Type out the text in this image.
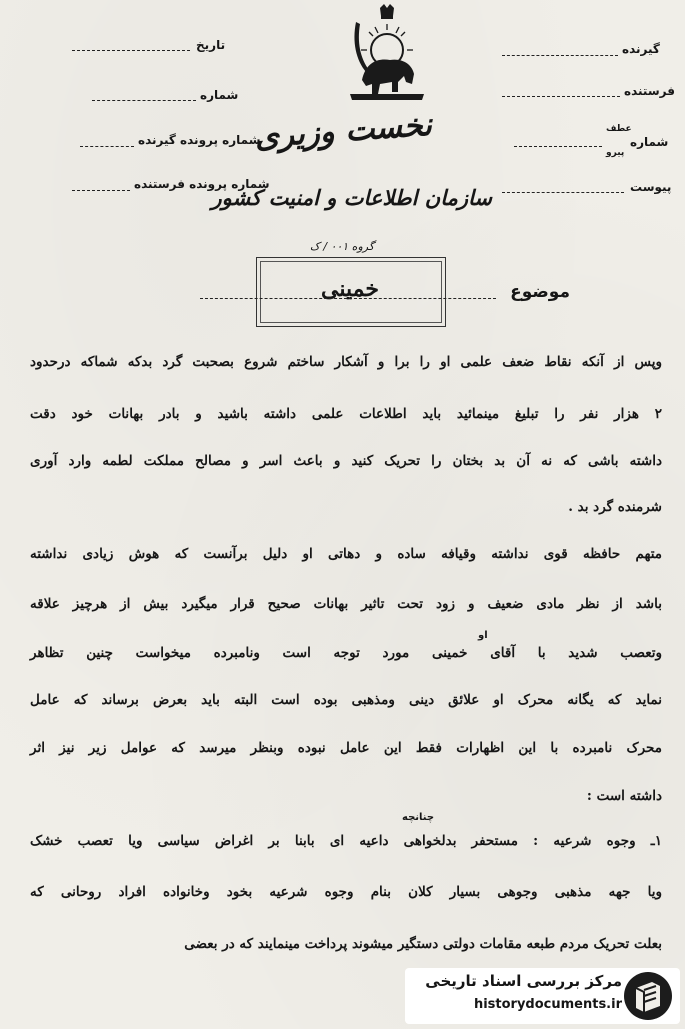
تاریخ
شماره
شماره پرونده گیرنده
شماره پرونده فرستنده
گیرنده
فرستنده
شماره
عطف
پیرو
پیوست
نخست وزیری
سازمان اطلاعات و امنیت کشور
گروه ۰۰۱ / ک
خمینی	موضوع
وپس از آنکه نقاط ضعف علمی او را برا و آشکار ساختم شروع بصحبت گرد بدکه شماکه درحدود
۲ هزار نفر را تبلیغ مینمائید باید اطلاعات علمی داشته باشید و بادر بهانات خود دقت
داشته باشی که نه آن بد بختان را تحریک کنید و باعث اسر و مصالح مملکت لطمه وارد آوری
شرمنده گرد بد .
متهم حافظه قوی نداشته وقیافه ساده و دهاتی او دلیل برآنست که هوش زیادی نداشته
باشد از نظر مادی ضعیف و زود تحت تاثیر بهانات صحیح قرار میگیرد بیش از هرچیز علاقه
او
وتعصب شدید با آقای خمینی مورد توجه است ونامبرده میخواست چنین تظاهر
نماید که یگانه محرک او علائق دینی ومذهبی بوده است البته باید بعرض برساند که عامل
محرک نامبرده با این اظهارات فقط این عامل نبوده وبنظر میرسد که عوامل زیر نیز اثر
داشته است :
چنانچه
۱ـ وجوه شرعیه : مستحفر بدلخواهی داعیه ای بابنا بر اغراض سیاسی ویا تعصب خشک
ویا جهه مذهبی وجوهی بسیار کلان بنام وجوه شرعیه بخود وخانواده افراد روحانی که
بعلت تحریک مردم طبعه مقامات دولتی دستگیر میشوند پرداخت مینمایند که در بعضی
مرکز بررسی اسناد تاریخی
historydocuments.ir
